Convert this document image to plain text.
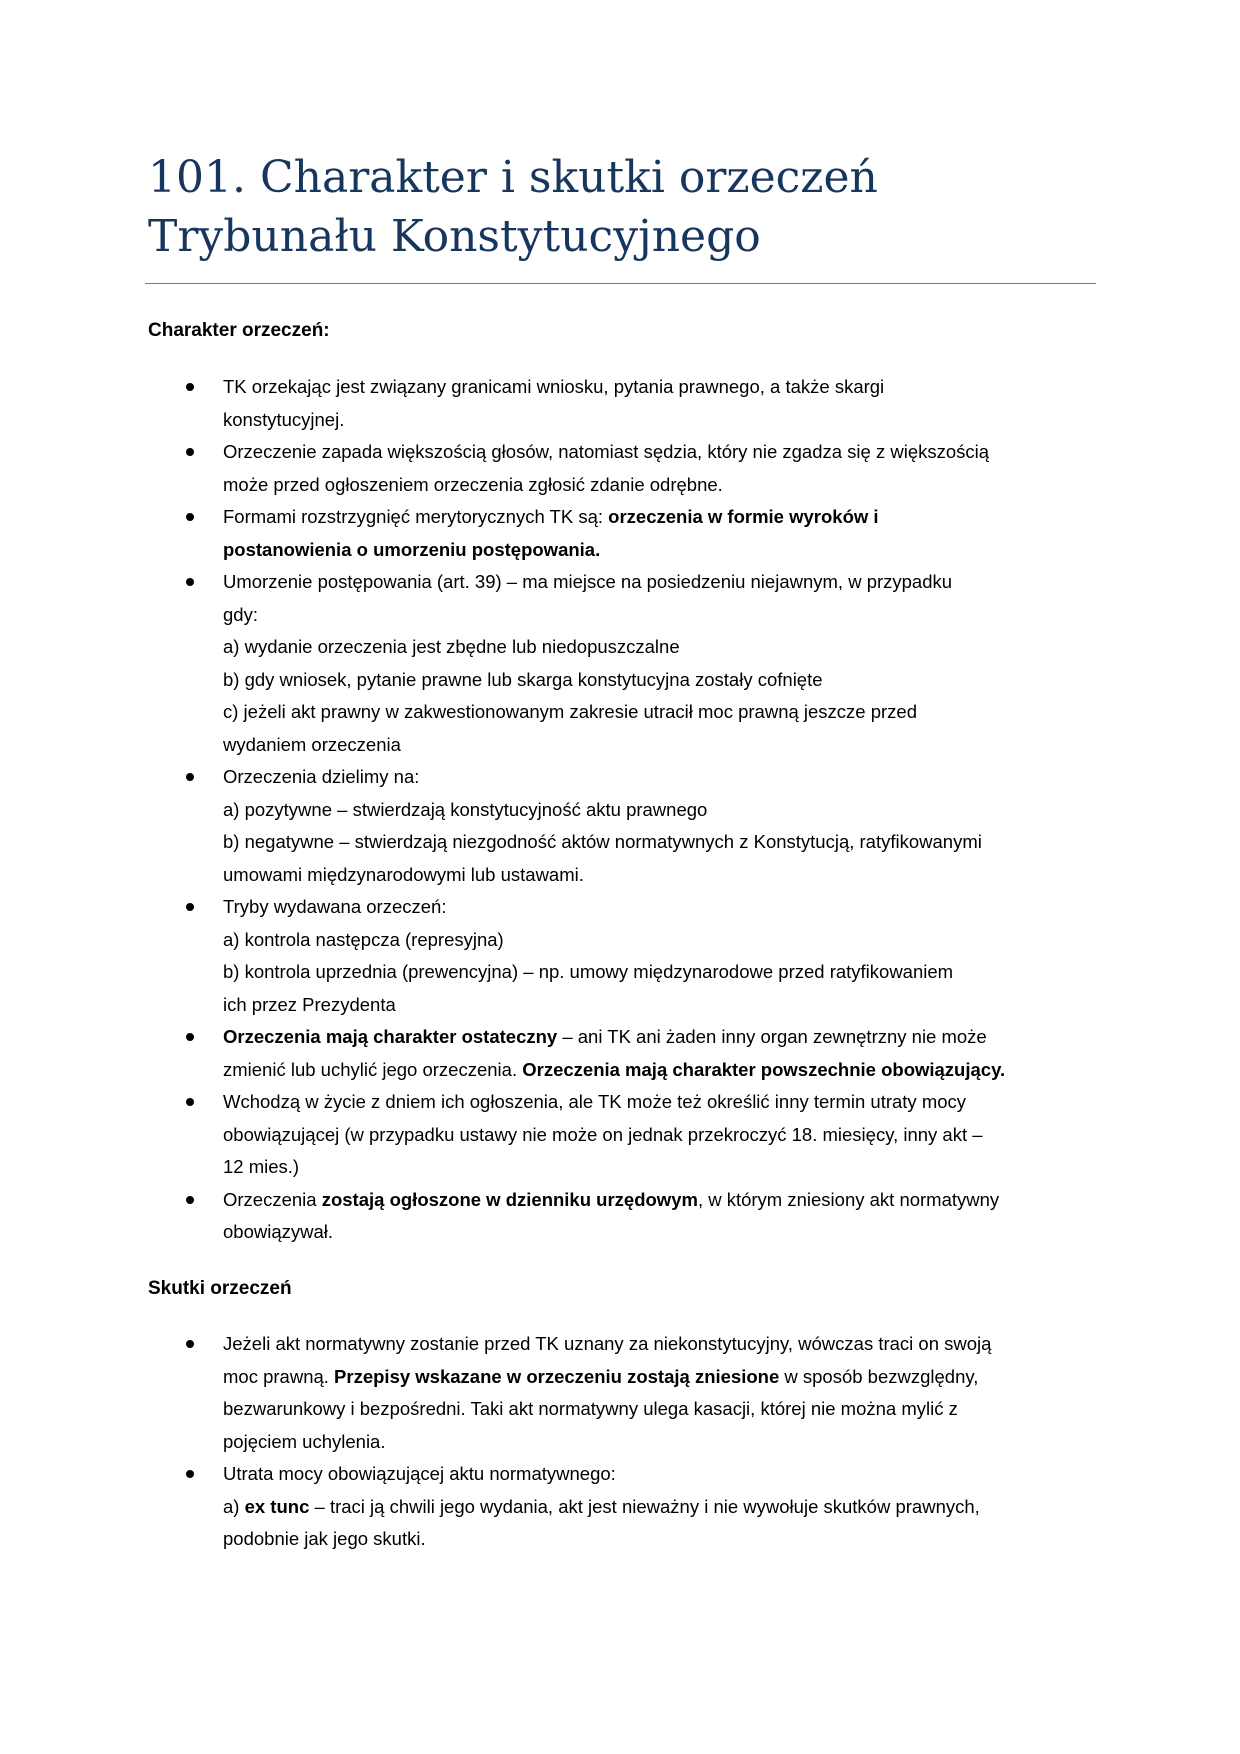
101. Charakter i skutki orzeczeń
Trybunału Konstytucyjnego

Charakter orzeczeń:

TK orzekając jest związany granicami wniosku, pytania prawnego, a także skargi
konstytucyjnej.
Orzeczenie zapada większością głosów, natomiast sędzia, który nie zgadza się z większością
może przed ogłoszeniem orzeczenia zgłosić zdanie odrębne.
Formami rozstrzygnięć merytorycznych TK są: orzeczenia w formie wyroków i
postanowienia o umorzeniu postępowania.
Umorzenie postępowania (art. 39) – ma miejsce na posiedzeniu niejawnym, w przypadku
gdy:
a) wydanie orzeczenia jest zbędne lub niedopuszczalne
b) gdy wniosek, pytanie prawne lub skarga konstytucyjna zostały cofnięte
c) jeżeli akt prawny w zakwestionowanym zakresie utracił moc prawną jeszcze przed
wydaniem orzeczenia
Orzeczenia dzielimy na:
a) pozytywne – stwierdzają konstytucyjność aktu prawnego
b) negatywne – stwierdzają niezgodność aktów normatywnych z Konstytucją, ratyfikowanymi
umowami międzynarodowymi lub ustawami.
Tryby wydawana orzeczeń:
a) kontrola następcza (represyjna)
b) kontrola uprzednia (prewencyjna) – np. umowy międzynarodowe przed ratyfikowaniem
ich przez Prezydenta
Orzeczenia mają charakter ostateczny – ani TK ani żaden inny organ zewnętrzny nie może
zmienić lub uchylić jego orzeczenia. Orzeczenia mają charakter powszechnie obowiązujący.
Wchodzą w życie z dniem ich ogłoszenia, ale TK może też określić inny termin utraty mocy
obowiązującej (w przypadku ustawy nie może on jednak przekroczyć 18. miesięcy, inny akt –
12 mies.)
Orzeczenia zostają ogłoszone w dzienniku urzędowym, w którym zniesiony akt normatywny
obowiązywał.

Skutki orzeczeń

Jeżeli akt normatywny zostanie przed TK uznany za niekonstytucyjny, wówczas traci on swoją
moc prawną. Przepisy wskazane w orzeczeniu zostają zniesione w sposób bezwzględny,
bezwarunkowy i bezpośredni. Taki akt normatywny ulega kasacji, której nie można mylić z
pojęciem uchylenia.
Utrata mocy obowiązującej aktu normatywnego:
a) ex tunc – traci ją chwili jego wydania, akt jest nieważny i nie wywołuje skutków prawnych,
podobnie jak jego skutki.
